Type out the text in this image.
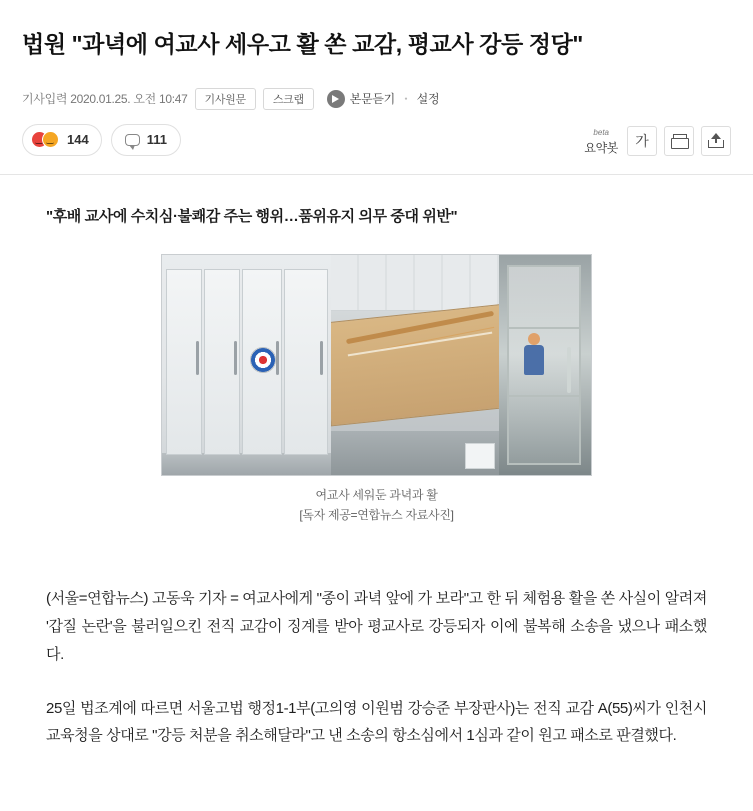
법원 "과녁에 여교사 세우고 활 쏜 교감, 평교사 강등 정당"
기사입력 2020.01.25. 오전 10:47	기사원문	스크랩	본문듣기 ・ 설정
144	111	beta
요약봇	가
"후배 교사에 수치심·불쾌감 주는 행위…품위유지 의무 중대 위반"
여교사 세워둔 과녁과 활
[독자 제공=연합뉴스 자료사진]

(서울=연합뉴스) 고동욱 기자 = 여교사에게 "종이 과녁 앞에 가 보라"고 한 뒤 체험용 활을 쏜 사실이 알려져 '갑질 논란'을 불러일으킨 전직 교감이 징계를 받아 평교사로 강등되자 이에 불복해 소송을 냈으나 패소했다.

25일 법조계에 따르면 서울고법 행정1-1부(고의영 이원범 강승준 부장판사)는 전직 교감 A(55)씨가 인천시교육청을 상대로 "강등 처분을 취소해달라"고 낸 소송의 항소심에서 1심과 같이 원고 패소로 판결했다.
